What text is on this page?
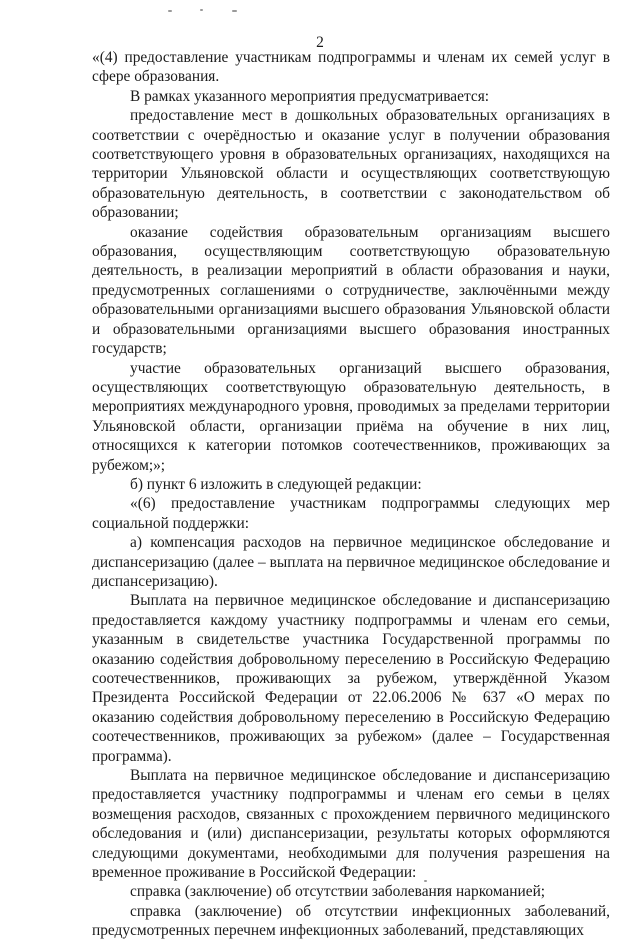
2

«(4) предоставление участникам подпрограммы и членам их семей услуг в сфере образования.

В рамках указанного мероприятия предусматривается:

предоставление мест в дошкольных образовательных организациях в соответствии с очерёдностью и оказание услуг в получении образования соответствующего уровня в образовательных организациях, находящихся на территории Ульяновской области и осуществляющих соответствующую образовательную деятельность, в соответствии с законодательством об образовании;

оказание содействия образовательным организациям высшего образования, осуществляющим соответствующую образовательную деятельность, в реализации мероприятий в области образования и науки, предусмотренных соглашениями о сотрудничестве, заключёнными между образовательными организациями высшего образования Ульяновской области и образовательными организациями высшего образования иностранных государств;

участие образовательных организаций высшего образования, осуществляющих соответствующую образовательную деятельность, в мероприятиях международного уровня, проводимых за пределами территории Ульяновской области, организации приёма на обучение в них лиц, относящихся к категории потомков соотечественников, проживающих за рубежом;»;

б) пункт 6 изложить в следующей редакции:

«(6) предоставление участникам подпрограммы следующих мер социальной поддержки:

а) компенсация расходов на первичное медицинское обследование и диспансеризацию (далее – выплата на первичное медицинское обследование и диспансеризацию).

Выплата на первичное медицинское обследование и диспансеризацию предоставляется каждому участнику подпрограммы и членам его семьи, указанным в свидетельстве участника Государственной программы по оказанию содействия добровольному переселению в Российскую Федерацию соотечественников, проживающих за рубежом, утверждённой Указом Президента Российской Федерации от 22.06.2006 № 637 «О мерах по оказанию содействия добровольному переселению в Российскую Федерацию соотечественников, проживающих за рубежом» (далее – Государственная программа).

Выплата на первичное медицинское обследование и диспансеризацию предоставляется участнику подпрограммы и членам его семьи в целях возмещения расходов, связанных с прохождением первичного медицинского обследования и (или) диспансеризации, результаты которых оформляются следующими документами, необходимыми для получения разрешения на временное проживание в Российской Федерации:

справка (заключение) об отсутствии заболевания наркоманией;

справка (заключение) об отсутствии инфекционных заболеваний, предусмотренных перечнем инфекционных заболеваний, представляющих
